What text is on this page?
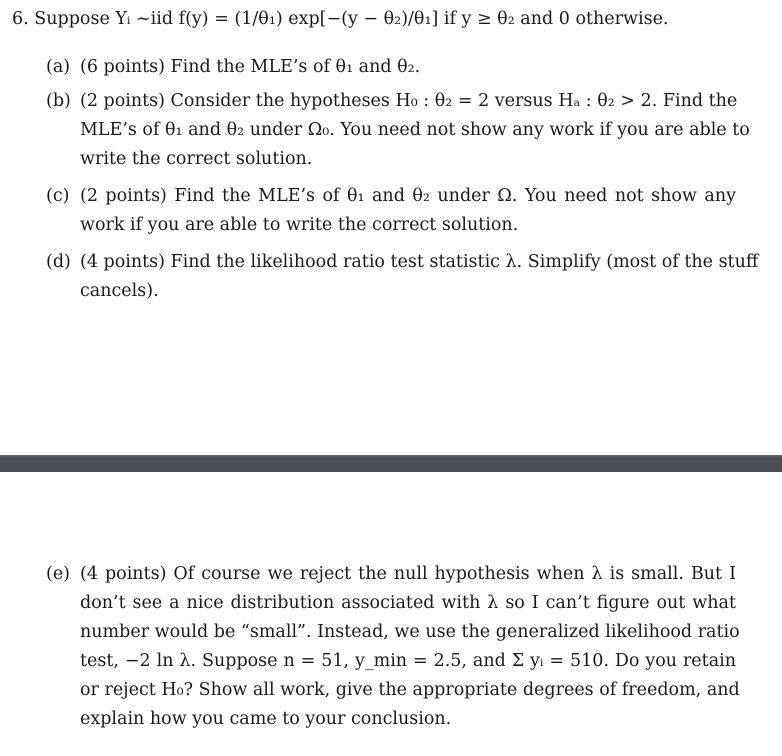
6. Suppose Yᵢ ~iid f(y) = (1/θ₁) exp[−(y − θ₂)/θ₁] if y ≥ θ₂ and 0 otherwise.
(a) (6 points) Find the MLE’s of θ₁ and θ₂.
(b) (2 points) Consider the hypotheses H₀ : θ₂ = 2 versus Hₐ : θ₂ > 2. Find the
MLE’s of θ₁ and θ₂ under Ω₀. You need not show any work if you are able to
write the correct solution.
(c) (2 points) Find the MLE’s of θ₁ and θ₂ under Ω. You need not show any
work if you are able to write the correct solution.
(d) (4 points) Find the likelihood ratio test statistic λ. Simplify (most of the stuff
cancels).
(e) (4 points) Of course we reject the null hypothesis when λ is small. But I
don’t see a nice distribution associated with λ so I can’t figure out what
number would be “small”. Instead, we use the generalized likelihood ratio
test, −2 ln λ. Suppose n = 51, y_min = 2.5, and Σ yᵢ = 510. Do you retain
or reject H₀? Show all work, give the appropriate degrees of freedom, and
explain how you came to your conclusion.
